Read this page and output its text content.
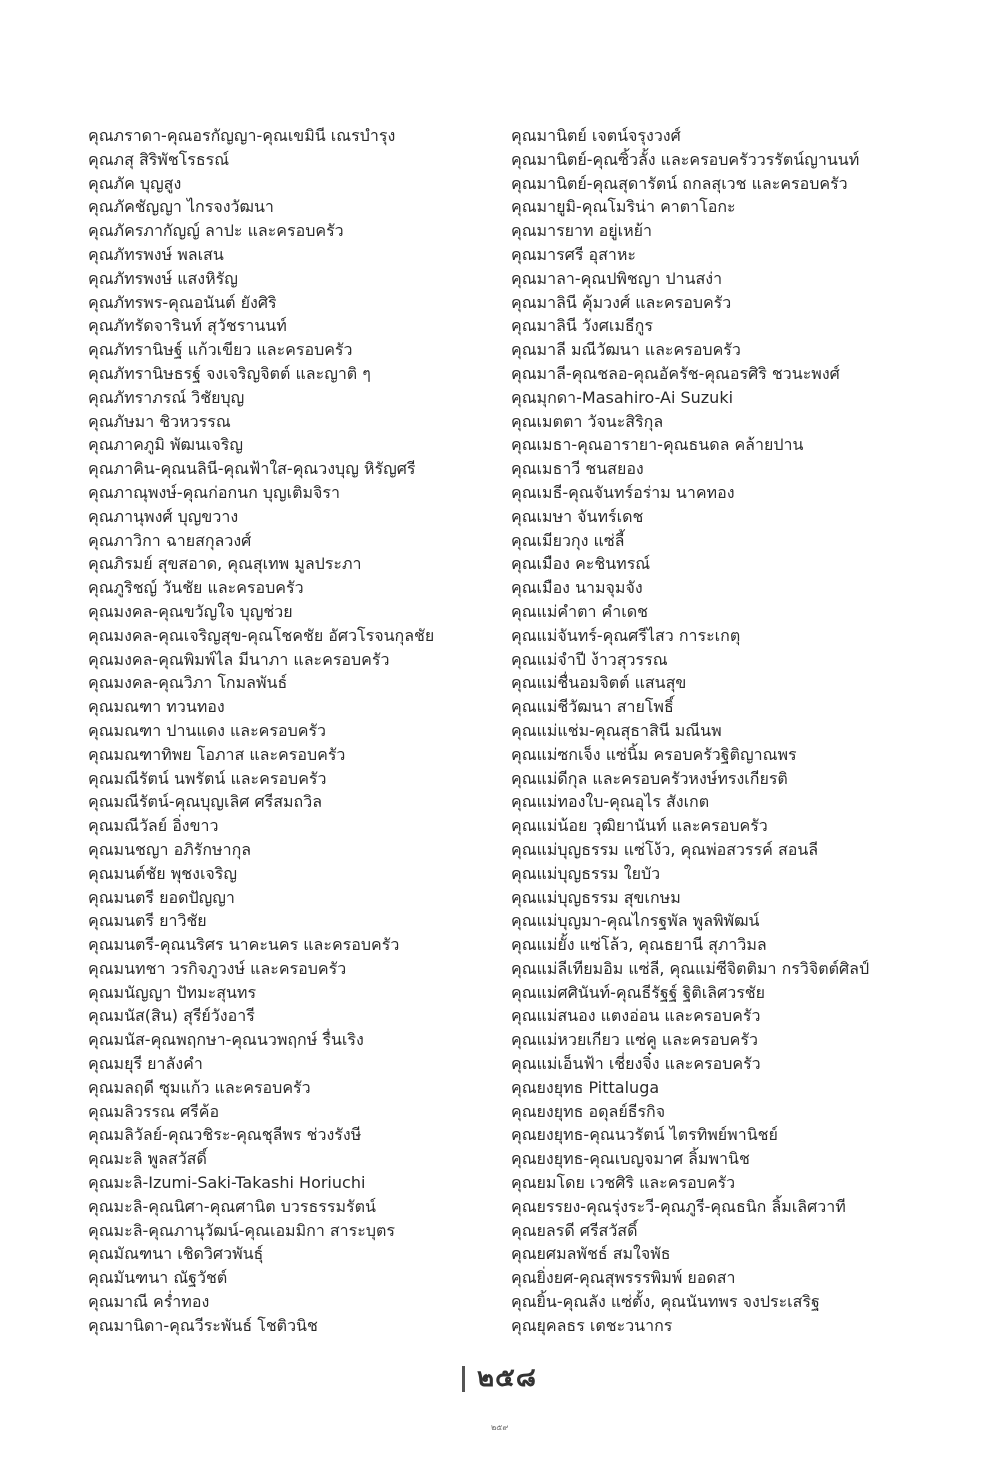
คุณภราดา-คุณอรกัญญา-คุณเขมินี เณรบำรุง
คุณภสุ สิริพัชโรธรณ์
คุณภัค บุญสูง
คุณภัคชัญญา ไกรจงวัฒนา
คุณภัครภากัญญ์ ลาปะ และครอบครัว
คุณภัทรพงษ์ พลเสน
คุณภัทรพงษ์ แสงหิรัญ
คุณภัทรพร-คุณอนันต์ ยังศิริ
คุณภัทรัดจารินท์ สุวัชรานนท์
คุณภัทรานิษฐ์ แก้วเขียว และครอบครัว
คุณภัทรานิษธรฐ์ จงเจริญจิตต์ และญาติ ๆ
คุณภัทราภรณ์ วิชัยบุญ
คุณภัษมา ชิวหวรรณ
คุณภาคภูมิ พัฒนเจริญ
คุณภาคิน-คุณนลินี-คุณฟ้าใส-คุณวงบุญ หิรัญศรี
คุณภาณุพงษ์-คุณก่อกนก บุญเติมจิรา
คุณภานุพงศ์ บุญขวาง
คุณภาวิกา ฉายสกุลวงศ์
คุณภิรมย์ สุขสอาด, คุณสุเทพ มูลประภา
คุณภูริชญ์ วันชัย และครอบครัว
คุณมงคล-คุณขวัญใจ บุญช่วย
คุณมงคล-คุณเจริญสุข-คุณโชคชัย อัศวโรจนกุลชัย
คุณมงคล-คุณพิมพ์ไล มีนาภา และครอบครัว
คุณมงคล-คุณวิภา โกมลพันธ์
คุณมณฑา ทวนทอง
คุณมณฑา ปานแดง และครอบครัว
คุณมณฑาทิพย โอภาส และครอบครัว
คุณมณีรัตน์ นพรัตน์ และครอบครัว
คุณมณีรัตน์-คุณบุญเลิศ ศรีสมถวิล
คุณมณีวัลย์ อิ่งขาว
คุณมนชญา อภิรักษากุล
คุณมนต์ชัย พุชงเจริญ
คุณมนตรี ยอดปัญญา
คุณมนตรี ยาวิชัย
คุณมนตรี-คุณนริศร นาคะนคร และครอบครัว
คุณมนทชา วรกิจภูวงษ์ และครอบครัว
คุณมนัญญา ปัทมะสุนทร
คุณมนัส(สิน) สุรีย์วังอารี
คุณมนัส-คุณพฤกษา-คุณนวพฤกษ์ รื่นเริง
คุณมยุรี ยาลังคำ
คุณมลฤดี ซุมแก้ว และครอบครัว
คุณมลิวรรณ ศรีค้อ
คุณมลิวัลย์-คุณวชิระ-คุณชุลีพร ช่วงรังษี
คุณมะลิ พูลสวัสดิ์
คุณมะลิ-Izumi-Saki-Takashi Horiuchi
คุณมะลิ-คุณนิศา-คุณศานิต บวรธรรมรัตน์
คุณมะลิ-คุณภานุวัฒน์-คุณเอมมิกา สาระบุตร
คุณมัณฑนา เชิดวิศวพันธุ์
คุณมันฑนา ณัฐวัชต์
คุณมาณี คร่ำทอง
คุณมานิดา-คุณวีระพันธ์ โชติวนิช
คุณมานิตย์ เจตน์จรุงวงศ์
คุณมานิตย์-คุณซิ้วลั้ง และครอบครัววรรัตน์ญานนท์
คุณมานิตย์-คุณสุดารัตน์ ถกลสุเวช และครอบครัว
คุณมายูมิ-คุณโมริน่า คาตาโอกะ
คุณมารยาท อยู่เหย้า
คุณมารศรี อุสาหะ
คุณมาลา-คุณปพิชญา ปานสง่า
คุณมาลินี คุ้มวงศ์ และครอบครัว
คุณมาลินี วังศเมธีกูร
คุณมาลี มณีวัฒนา และครอบครัว
คุณมาลี-คุณชลอ-คุณอัครัช-คุณอรศิริ ชวนะพงศ์
คุณมุกดา-Masahiro-Ai Suzuki
คุณเมตตา วัจนะสิริกุล
คุณเมธา-คุณอารายา-คุณธนดล คล้ายปาน
คุณเมธาวี ชนสยอง
คุณเมธี-คุณจันทร์อร่าม นาคทอง
คุณเมษา จันทร์เดช
คุณเมียวกุง แซ่ลี้
คุณเมือง คะชินทรณ์
คุณเมือง นามจุมจัง
คุณแม่คำตา คำเดช
คุณแม่จันทร์-คุณศรีไสว การะเกตุ
คุณแม่จำปี ง้าวสุวรรณ
คุณแม่ชื่นอมจิตต์ แสนสุข
คุณแม่ชีวัฒนา สายโพธิ์
คุณแม่แช่ม-คุณสุธาสินี มณีนพ
คุณแม่ซกเจ็ง แซ่นิ้ม ครอบครัวฐิติญาณพร
คุณแม่ดีกุล และครอบครัวหงษ์ทรงเกียรติ
คุณแม่ทองใบ-คุณอุไร สังเกต
คุณแม่น้อย วุฒิยานันท์ และครอบครัว
คุณแม่บุญธรรม แซ่โง้ว, คุณพ่อสวรรค์ สอนลี
คุณแม่บุญธรรม ใยบัว
คุณแม่บุญธรรม สุขเกษม
คุณแม่บุญมา-คุณไกรฐพัล พูลพิพัฒน์
คุณแม่ยั้ง แซ่โล้ว, คุณธยานี สุภาวิมล
คุณแม่ลีเทียมอิม แซ่ลี, คุณแม่ซีจิตติมา กรวิจิตต์ศิลป์
คุณแม่ศศินันท์-คุณธีรัฐฐ์ ฐิติเลิศวรชัย
คุณแม่สนอง แตงอ่อน และครอบครัว
คุณแม่หวยเกียว แซ่คู และครอบครัว
คุณแม่เอ็นฟ้า เชี่ยงจิ๋ง และครอบครัว
คุณยงยุทธ Pittaluga
คุณยงยุทธ อดุลย์ธีรกิจ
คุณยงยุทธ-คุณนวรัตน์ ไตรทิพย์พานิชย์
คุณยงยุทธ-คุณเบญจมาศ ลิ้มพานิช
คุณยมโดย เวชศิริ และครอบครัว
คุณยรรยง-คุณรุ่งระวี-คุณภูรี-คุณธนิก ลิ้มเลิศวาที
คุณยลรดี ศรีสวัสดิ์
คุณยศมลพัชธ์ สมใจพัธ
คุณยิ่งยศ-คุณสุพรรรพิมพ์ ยอดสา
คุณยิ้น-คุณลัง แซ่ตั้ง, คุณนันทพร จงประเสริฐ
คุณยุคลธร เตชะวนากร
๒๕๘
๒๕๙
